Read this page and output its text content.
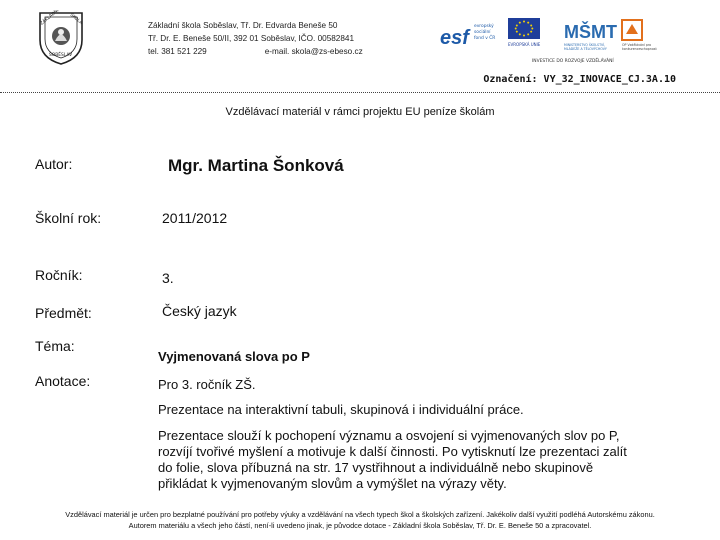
ZÁKLADNÍ ŠKOLA
SOBĚSLAV
Základní škola Soběslav, Tř. Dr. Edvarda Beneše 50
Tř. Dr. E. Beneše 50/II, 392 01 Soběslav, IČO. 00582841
tel. 381 521 229	e-mail. skola@zs-ebeso.cz
esf
evropský
sociální
fond v ČR
EVROPSKÁ UNIE
MŠMT
MINISTERSTVO ŠKOLSTVÍ,
MLÁDEŽE A TĚLOVÝCHOVY
OP Vzdělávání pro
konkurenceschopnost
INVESTICE DO ROZVOJE VZDĚLÁVÁNÍ
Označení: VY_32_INOVACE_CJ.3A.10
Vzdělávací materiál v rámci projektu EU peníze školám
Autor:	Mgr. Martina Šonková
Školní rok:	2011/2012
Ročník:	3.
Předmět:	Český jazyk
Téma:
Vyjmenovaná slova po P
Anotace:	Pro 3. ročník ZŠ.
Prezentace na interaktivní tabuli, skupinová i individuální práce.
Prezentace slouží k pochopení významu a osvojení si vyjmenovaných slov po P,
rozvíjí tvořivé myšlení a motivuje k další činnosti. Po vytisknutí lze prezentaci zalít
do folie, slova příbuzná na str. 17 vystřihnout a individuálně nebo skupinově
přikládat k vyjmenovaným slovům a vymýšlet na výrazy věty.
Vzdělávací materiál je určen pro bezplatné používání pro potřeby výuky a vzdělávání na všech typech škol a školských zařízení. Jakékoliv další využití podléhá Autorskému zákonu.
Autorem materiálu a všech jeho částí, není-li uvedeno jinak, je původce dotace - Základní škola Soběslav, Tř. Dr. E. Beneše 50 a zpracovatel.
